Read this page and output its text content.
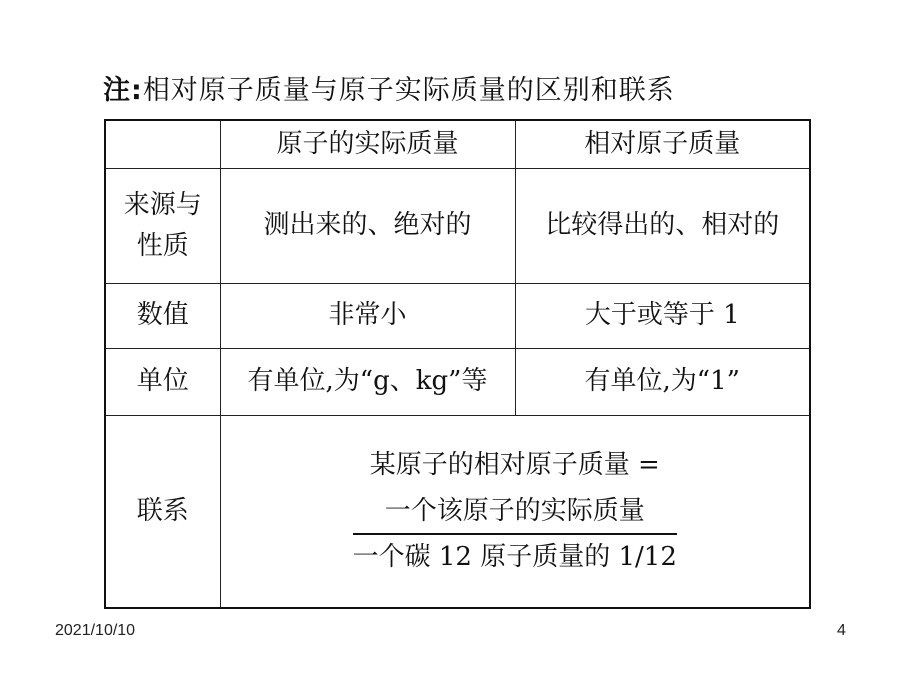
注:相对原子质量与原子实际质量的区别和联系
	原子的实际质量	相对原子质量
来源与
性质	测出来的、绝对的	比较得出的、相对的
数值	非常小	大于或等于 1
单位	有单位,为“g、kg”等	有单位,为“1”
联系	某原子的相对原子质量 =
$\frac{\text{一个该原子的实际质量}}{\text{一个碳 12 原子质量的 1/12}}$
2021/10/10	4
